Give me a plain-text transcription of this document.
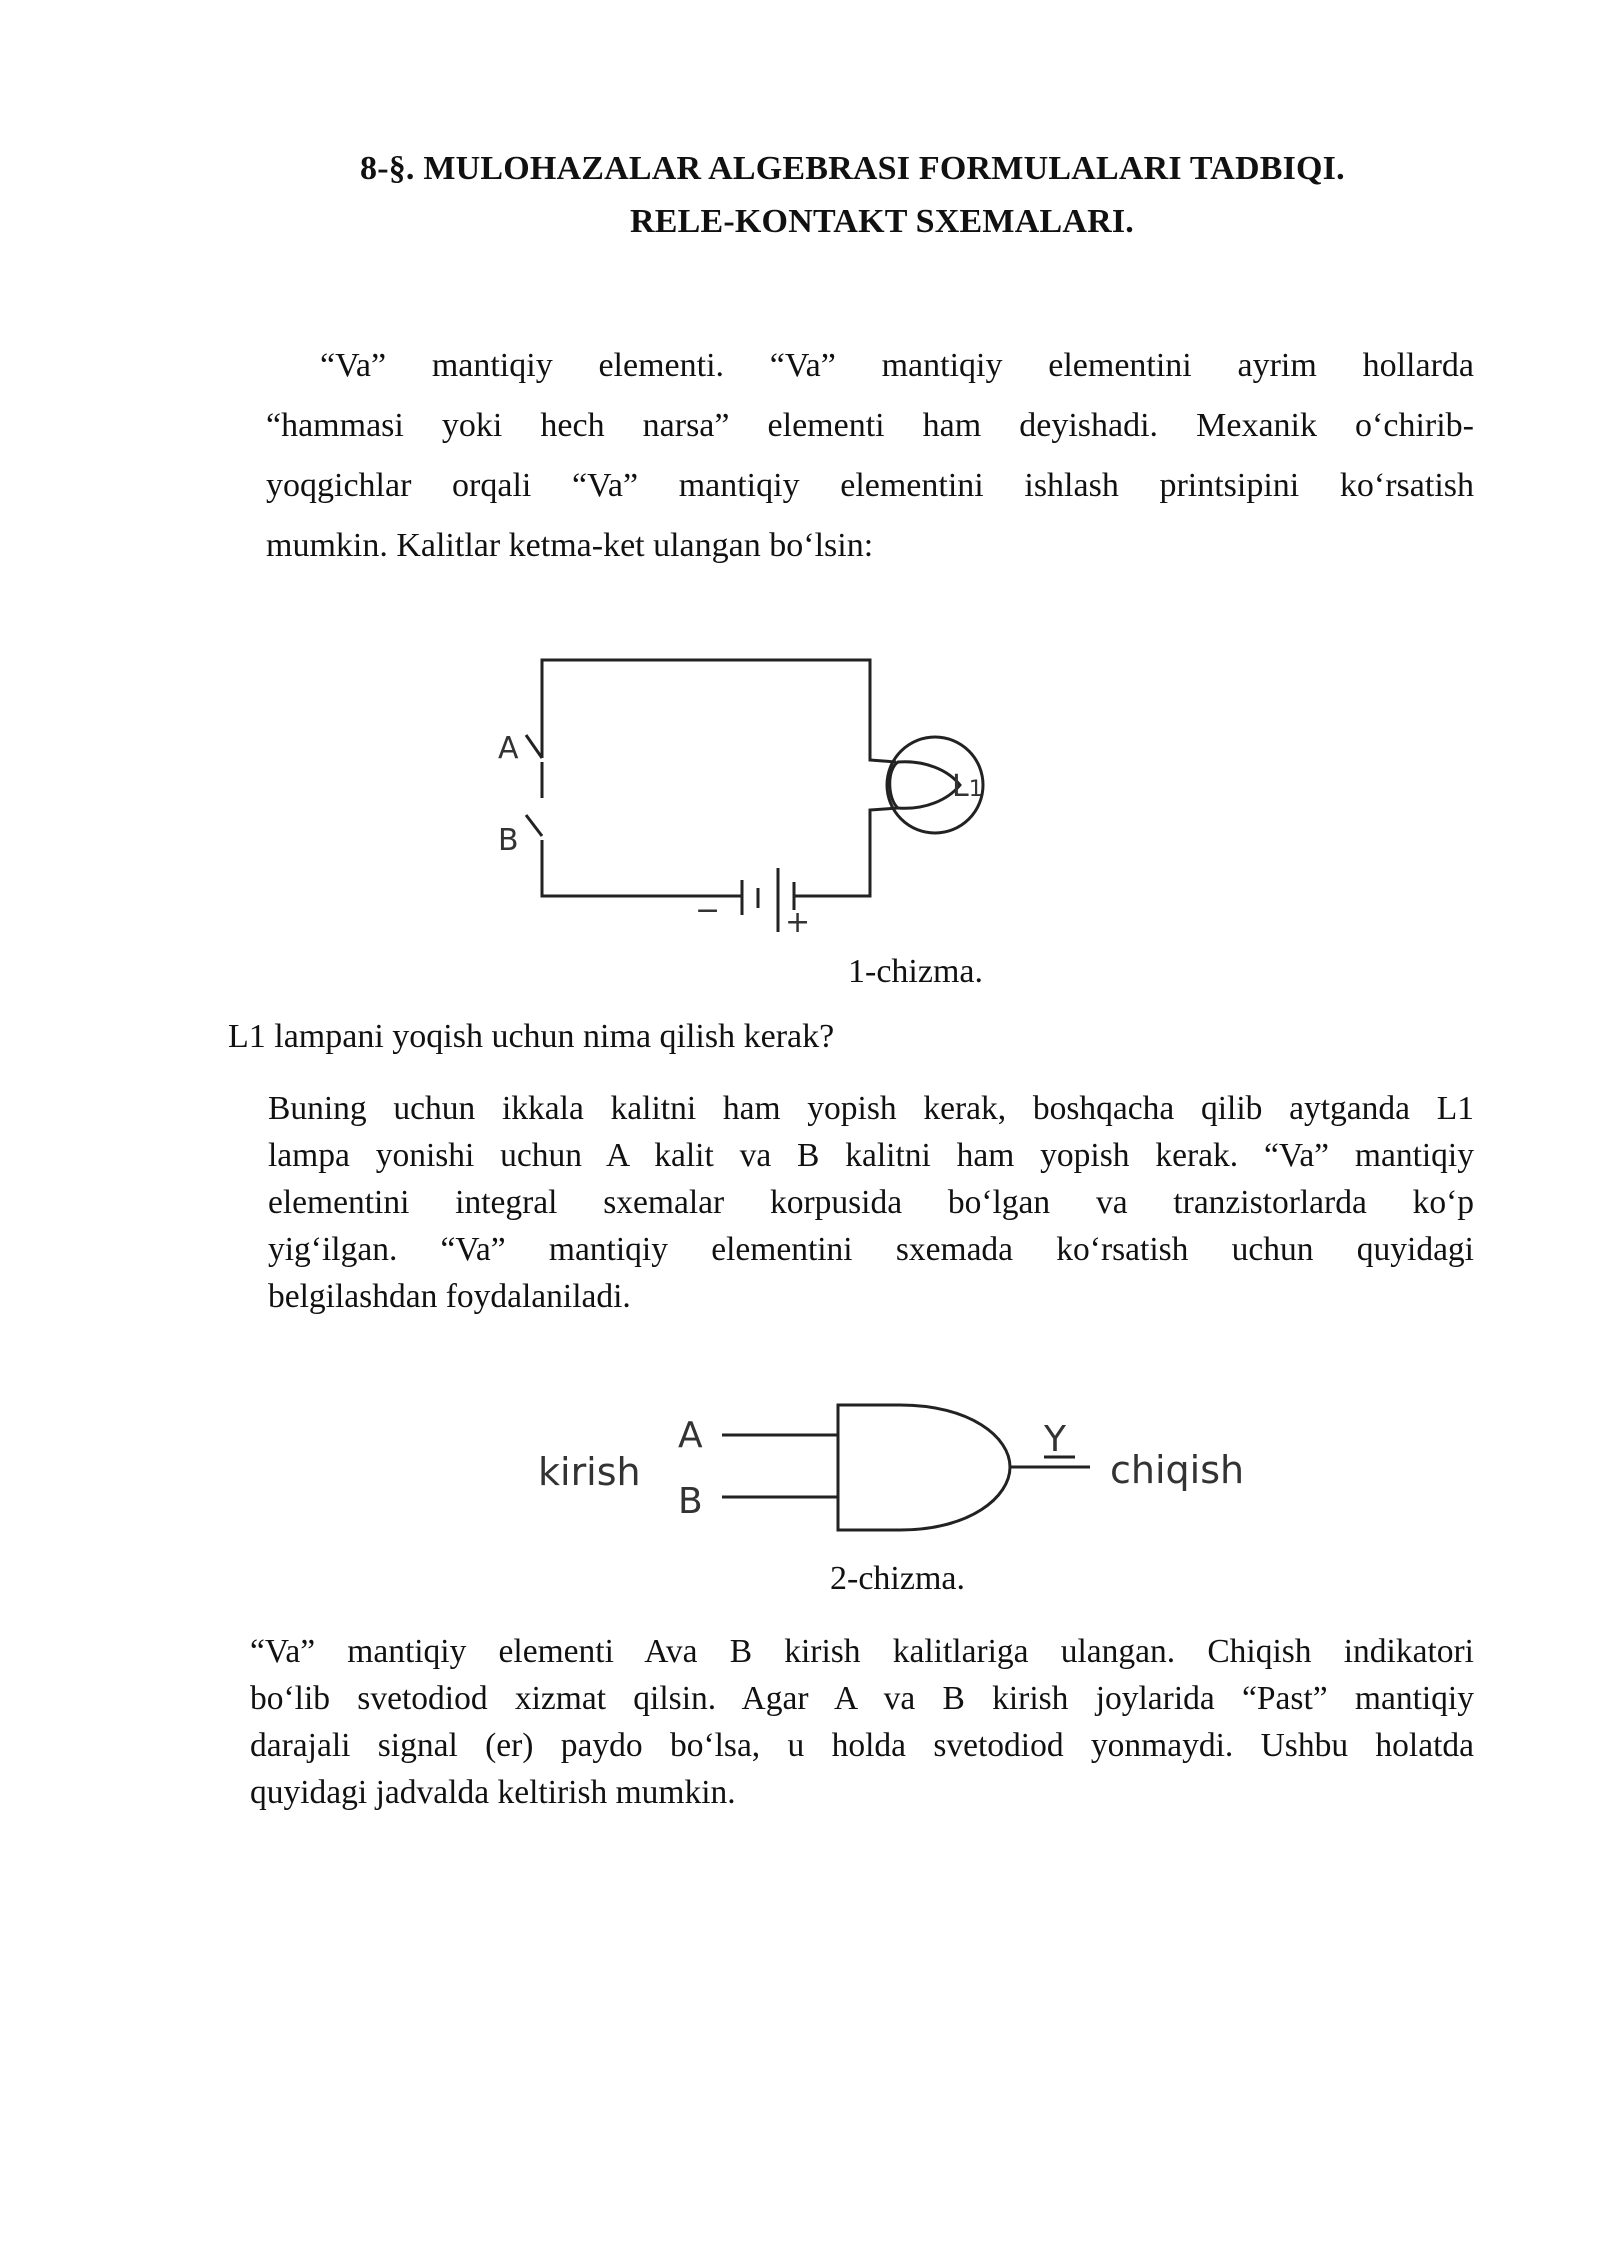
8-§. MULOHAZALAR ALGEBRASI FORMULALARI TADBIQI.
RELE-KONTAKT SXEMALARI.
“Va” mantiqiy elementi. “Va” mantiqiy elementini ayrim hollarda
“hammasi yoki hech narsa” elementi ham deyishadi. Mexanik o‘chirib-
yoqgichlar orqali “Va” mantiqiy elementini ishlash printsipini ko‘rsatish
mumkin. Kalitlar ketma-ket ulangan bo‘lsin:
A
B
L1
− +
1-chizma.
L1 lampani yoqish uchun nima qilish kerak?
Buning uchun ikkala kalitni ham yopish kerak, boshqacha qilib aytganda L1
lampa yonishi uchun A kalit va B kalitni ham yopish kerak. “Va” mantiqiy
elementini integral sxemalar korpusida bo‘lgan va tranzistorlarda ko‘p
yig‘ilgan. “Va” mantiqiy elementini sxemada ko‘rsatish uchun quyidagi
belgilashdan foydalaniladi.
A
B
kirish
Y
chiqish
2-chizma.
“Va” mantiqiy elementi Ava B kirish kalitlariga ulangan. Chiqish indikatori
bo‘lib svetodiod xizmat qilsin. Agar A va B kirish joylarida “Past” mantiqiy
darajali signal (er) paydo bo‘lsa, u holda svetodiod yonmaydi. Ushbu holatda
quyidagi jadvalda keltirish mumkin.
